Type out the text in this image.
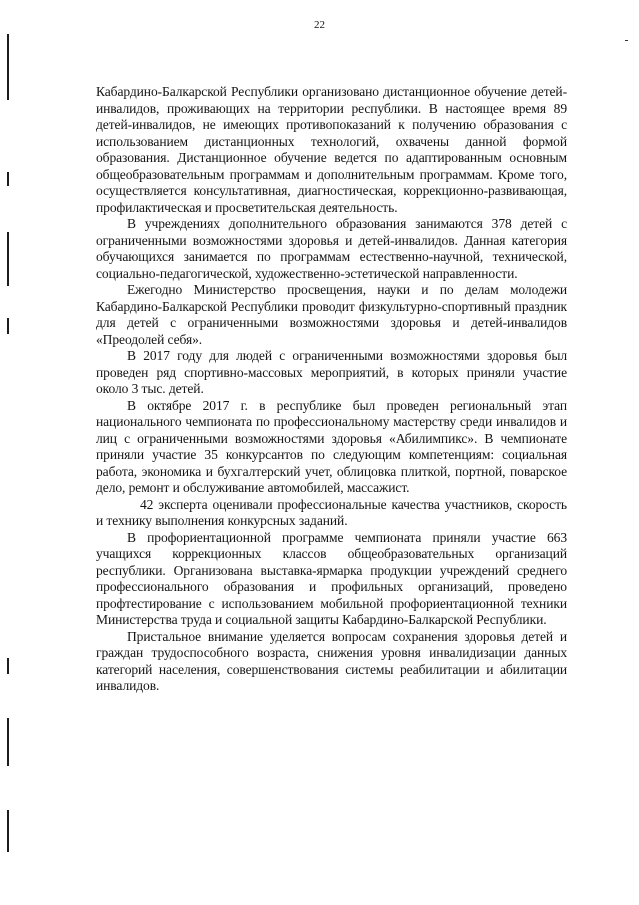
22

Кабардино-Балкарской Республики организовано дистанционное обучение детей-инвалидов, проживающих на территории республики. В настоящее время 89 детей-инвалидов, не имеющих противопоказаний к получению образования с использованием дистанционных технологий, охвачены данной формой образования. Дистанционное обучение ведется по адаптированным основным общеобразовательным программам и дополнительным программам. Кроме того, осуществляется консультативная, диагностическая, коррекционно-развивающая, профилактическая и просветительская деятельность.

В учреждениях дополнительного образования занимаются 378 детей с ограниченными возможностями здоровья и детей-инвалидов. Данная категория обучающихся занимается по программам естественно-научной, технической, социально-педагогической, художественно-эстетической направленности.

Ежегодно Министерство просвещения, науки и по делам молодежи Кабардино-Балкарской Республики проводит физкультурно-спортивный праздник для детей с ограниченными возможностями здоровья и детей-инвалидов «Преодолей себя».

В 2017 году для людей с ограниченными возможностями здоровья был проведен ряд спортивно-массовых мероприятий, в которых приняли участие около 3 тыс. детей.

В октябре 2017 г. в республике был проведен региональный этап национального чемпионата по профессиональному мастерству среди инвалидов и лиц с ограниченными возможностями здоровья «Абилимпикс». В чемпионате приняли участие 35 конкурсантов по следующим компетенциям: социальная работа, экономика и бухгалтерский учет, облицовка плиткой, портной, поварское дело, ремонт и обслуживание автомобилей, массажист.

42 эксперта оценивали профессиональные качества участников, скорость и технику выполнения конкурсных заданий.

В профориентационной программе чемпионата приняли участие 663 учащихся коррекционных классов общеобразовательных организаций республики. Организована выставка-ярмарка продукции учреждений среднего профессионального образования и профильных организаций, проведено профтестирование с использованием мобильной профориентационной техники Министерства труда и социальной защиты Кабардино-Балкарской Республики.

Пристальное внимание уделяется вопросам сохранения здоровья детей и граждан трудоспособного возраста, снижения уровня инвалидизации данных категорий населения, совершенствования системы реабилитации и абилитации инвалидов.
